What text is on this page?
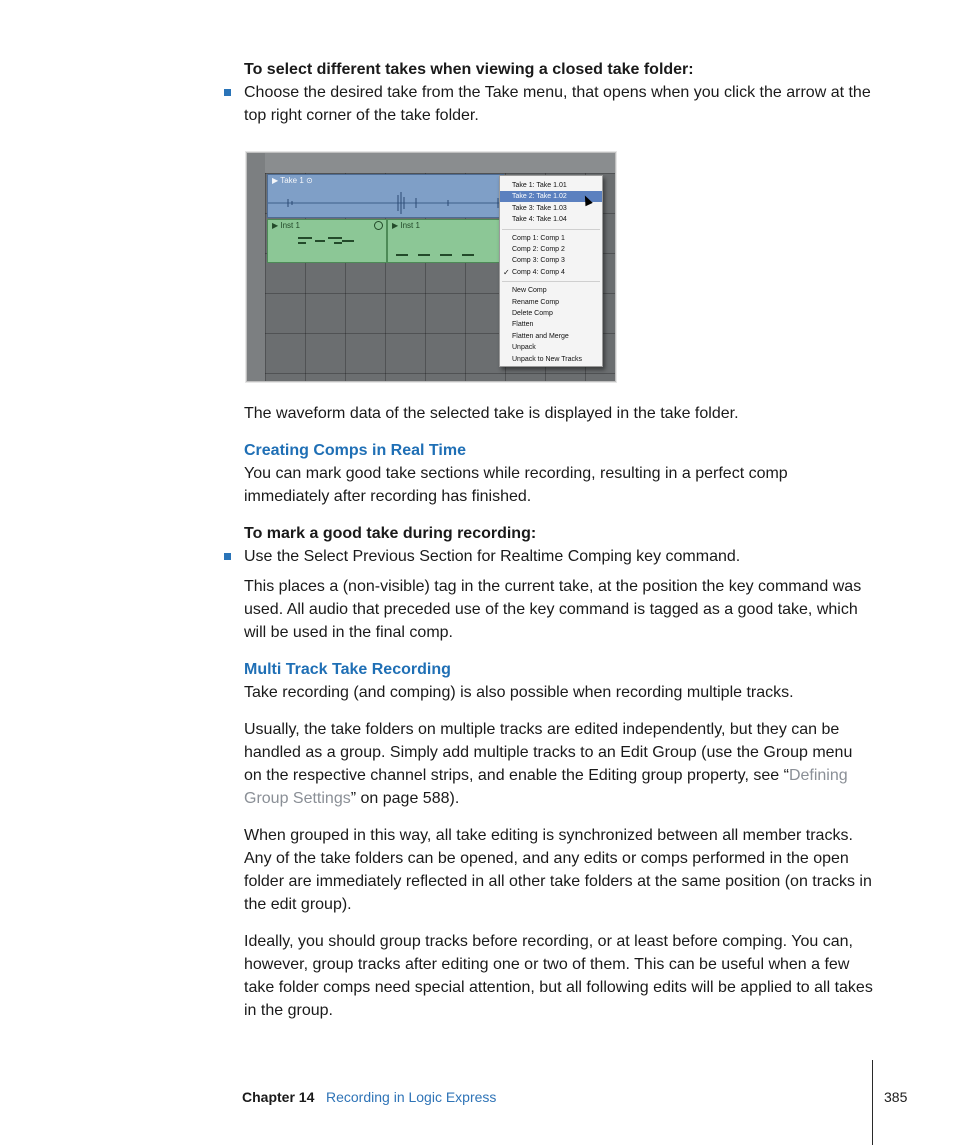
To select different takes when viewing a closed take folder:
Choose the desired take from the Take menu, that opens when you click the arrow at the top right corner of the take folder.
▶ Take 1 ⊙
▶ Inst 1	▶ Inst 1
Take 1: Take 1.01
Take 2: Take 1.02
Take 3: Take 1.03
Take 4: Take 1.04
Comp 1: Comp 1
Comp 2: Comp 2
Comp 3: Comp 3
✓ Comp 4: Comp 4
New Comp
Rename Comp
Delete Comp
Flatten
Flatten and Merge
Unpack
Unpack to New Tracks
The waveform data of the selected take is displayed in the take folder.
Creating Comps in Real Time
You can mark good take sections while recording, resulting in a perfect comp immediately after recording has finished.
To mark a good take during recording:
Use the Select Previous Section for Realtime Comping key command.
This places a (non-visible) tag in the current take, at the position the key command was used. All audio that preceded use of the key command is tagged as a good take, which will be used in the final comp.
Multi Track Take Recording
Take recording (and comping) is also possible when recording multiple tracks.
Usually, the take folders on multiple tracks are edited independently, but they can be handled as a group. Simply add multiple tracks to an Edit Group (use the Group menu on the respective channel strips, and enable the Editing group property, see “Defining Group Settings” on page 588).
When grouped in this way, all take editing is synchronized between all member tracks. Any of the take folders can be opened, and any edits or comps performed in the open folder are immediately reflected in all other take folders at the same position (on tracks in the edit group).
Ideally, you should group tracks before recording, or at least before comping. You can, however, group tracks after editing one or two of them. This can be useful when a few take folder comps need special attention, but all following edits will be applied to all takes in the group.
Chapter 14 Recording in Logic Express	385
